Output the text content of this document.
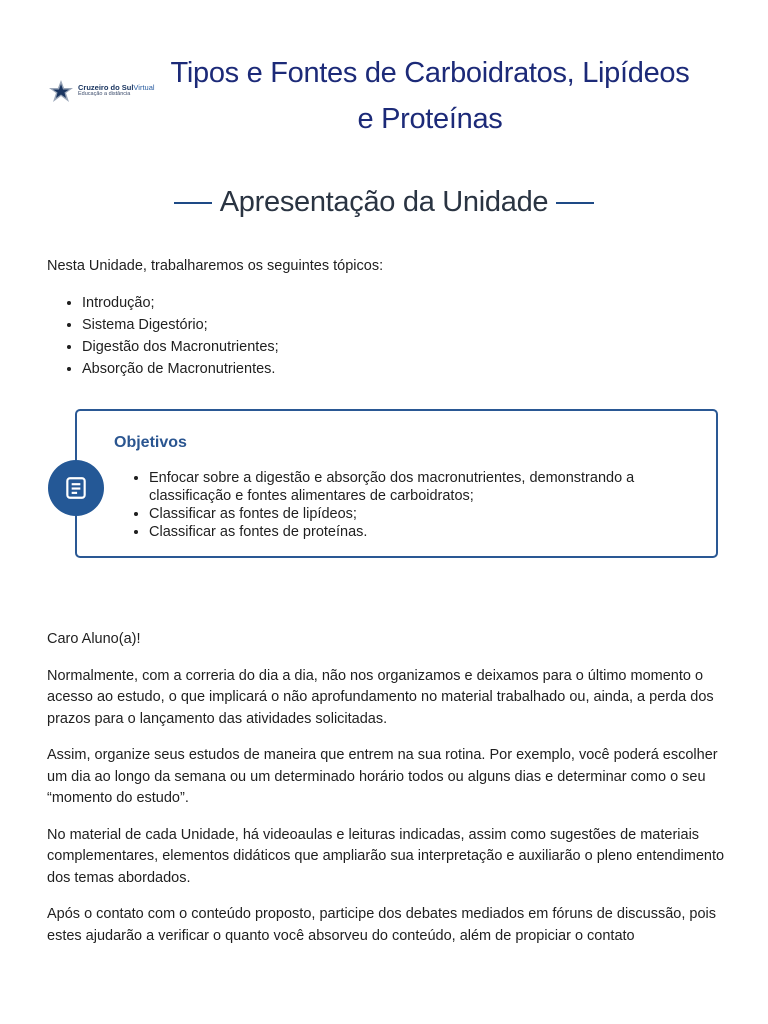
Cruzeiro do SulVirtual
Educação a distância
Tipos e Fontes de Carboidratos, Lipídeos
e Proteínas
Apresentação da Unidade

Nesta Unidade, trabalharemos os seguintes tópicos:

• Introdução;
• Sistema Digestório;
• Digestão dos Macronutrientes;
• Absorção de Macronutrientes.
Objetivos
• Enfocar sobre a digestão e absorção dos macronutrientes, demonstrando a classificação e fontes alimentares de carboidratos;
• Classificar as fontes de lipídeos;
• Classificar as fontes de proteínas.

Caro Aluno(a)!

Normalmente, com a correria do dia a dia, não nos organizamos e deixamos para o último momento o acesso ao estudo, o que implicará o não aprofundamento no material trabalhado ou, ainda, a perda dos prazos para o lançamento das atividades solicitadas.

Assim, organize seus estudos de maneira que entrem na sua rotina. Por exemplo, você poderá escolher um dia ao longo da semana ou um determinado horário todos ou alguns dias e determinar como o seu “momento do estudo”.

No material de cada Unidade, há videoaulas e leituras indicadas, assim como sugestões de materiais complementares, elementos didáticos que ampliarão sua interpretação e auxiliarão o pleno entendimento dos temas abordados.

Após o contato com o conteúdo proposto, participe dos debates mediados em fóruns de discussão, pois estes ajudarão a verificar o quanto você absorveu do conteúdo, além de propiciar o contato
